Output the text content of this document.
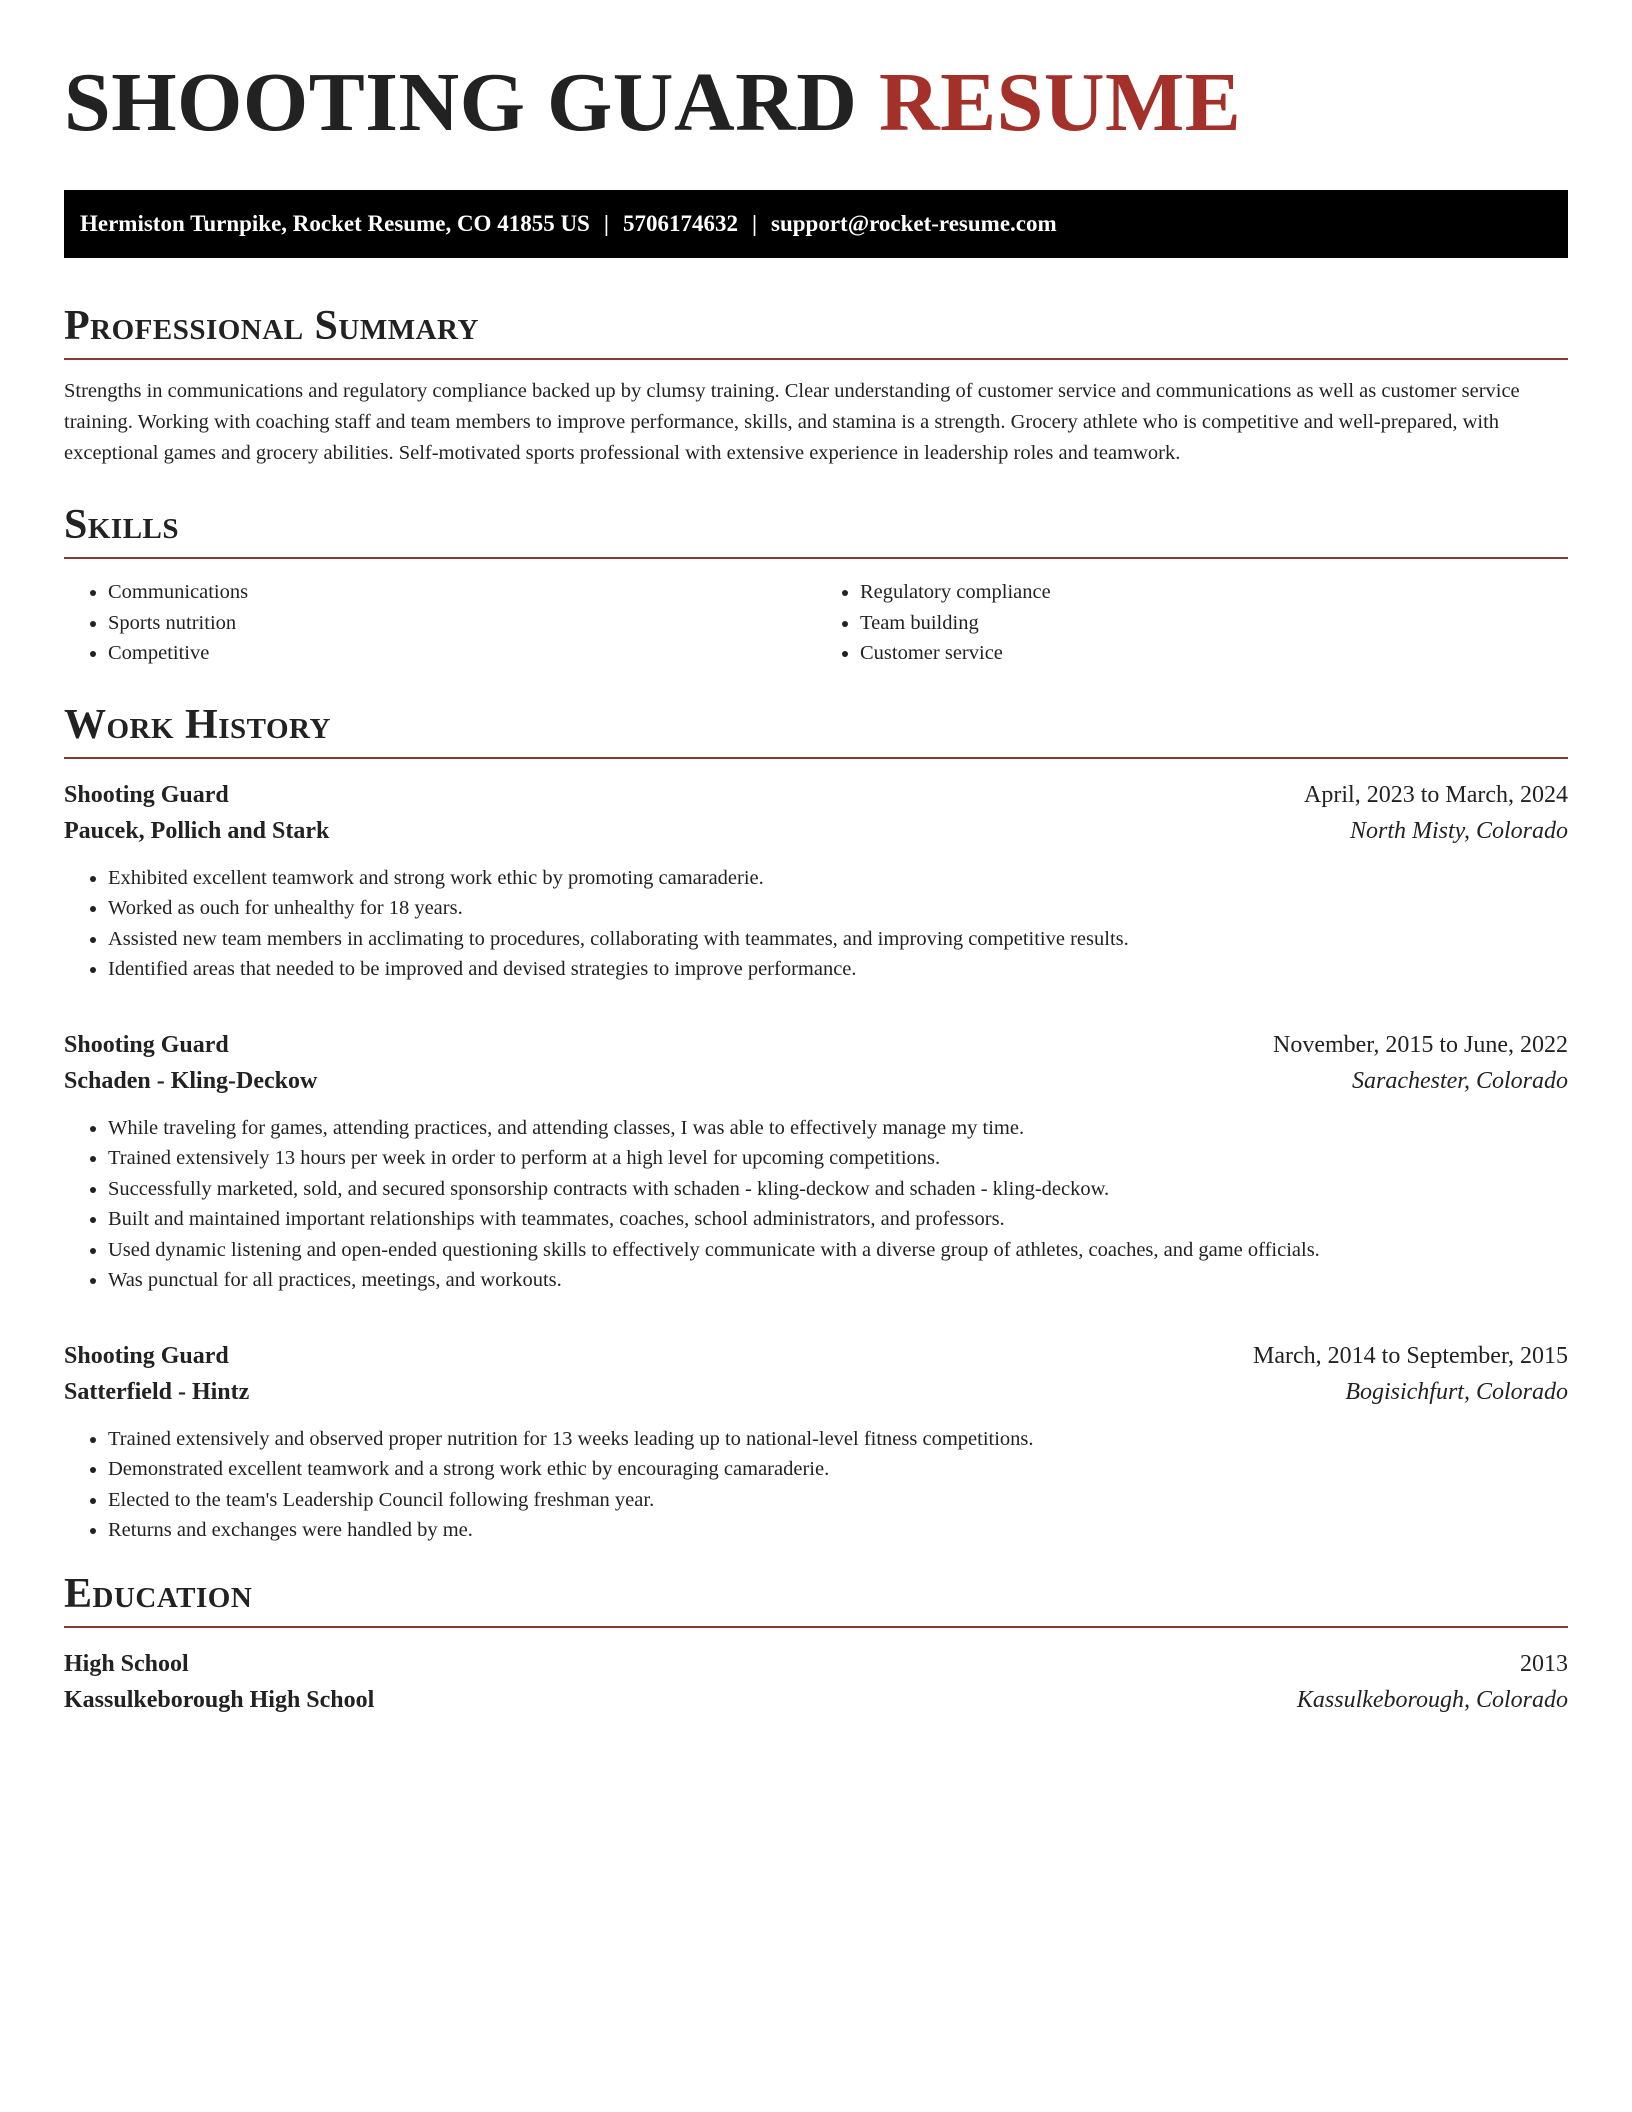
SHOOTING GUARD RESUME
Hermiston Turnpike, Rocket Resume, CO 41855 US | 5706174632 | support@rocket-resume.com
Professional Summary

Strengths in communications and regulatory compliance backed up by clumsy training. Clear understanding of customer service and communications as well as customer service training. Working with coaching staff and team members to improve performance, skills, and stamina is a strength. Grocery athlete who is competitive and well-prepared, with exceptional games and grocery abilities. Self-motivated sports professional with extensive experience in leadership roles and teamwork.

Skills
• Communications
• Sports nutrition
• Competitive
• Regulatory compliance
• Team building
• Customer service
Work History
Shooting Guard	April, 2023 to March, 2024
Paucek, Pollich and Stark	North Misty, Colorado
• Exhibited excellent teamwork and strong work ethic by promoting camaraderie.
• Worked as ouch for unhealthy for 18 years.
• Assisted new team members in acclimating to procedures, collaborating with teammates, and improving competitive results.
• Identified areas that needed to be improved and devised strategies to improve performance.
Shooting Guard	November, 2015 to June, 2022
Schaden - Kling-Deckow	Sarachester, Colorado
• While traveling for games, attending practices, and attending classes, I was able to effectively manage my time.
• Trained extensively 13 hours per week in order to perform at a high level for upcoming competitions.
• Successfully marketed, sold, and secured sponsorship contracts with schaden - kling-deckow and schaden - kling-deckow.
• Built and maintained important relationships with teammates, coaches, school administrators, and professors.
• Used dynamic listening and open-ended questioning skills to effectively communicate with a diverse group of athletes, coaches, and game officials.
• Was punctual for all practices, meetings, and workouts.
Shooting Guard	March, 2014 to September, 2015
Satterfield - Hintz	Bogisichfurt, Colorado
• Trained extensively and observed proper nutrition for 13 weeks leading up to national-level fitness competitions.
• Demonstrated excellent teamwork and a strong work ethic by encouraging camaraderie.
• Elected to the team's Leadership Council following freshman year.
• Returns and exchanges were handled by me.
Education
High School	2013
Kassulkeborough High School	Kassulkeborough, Colorado
